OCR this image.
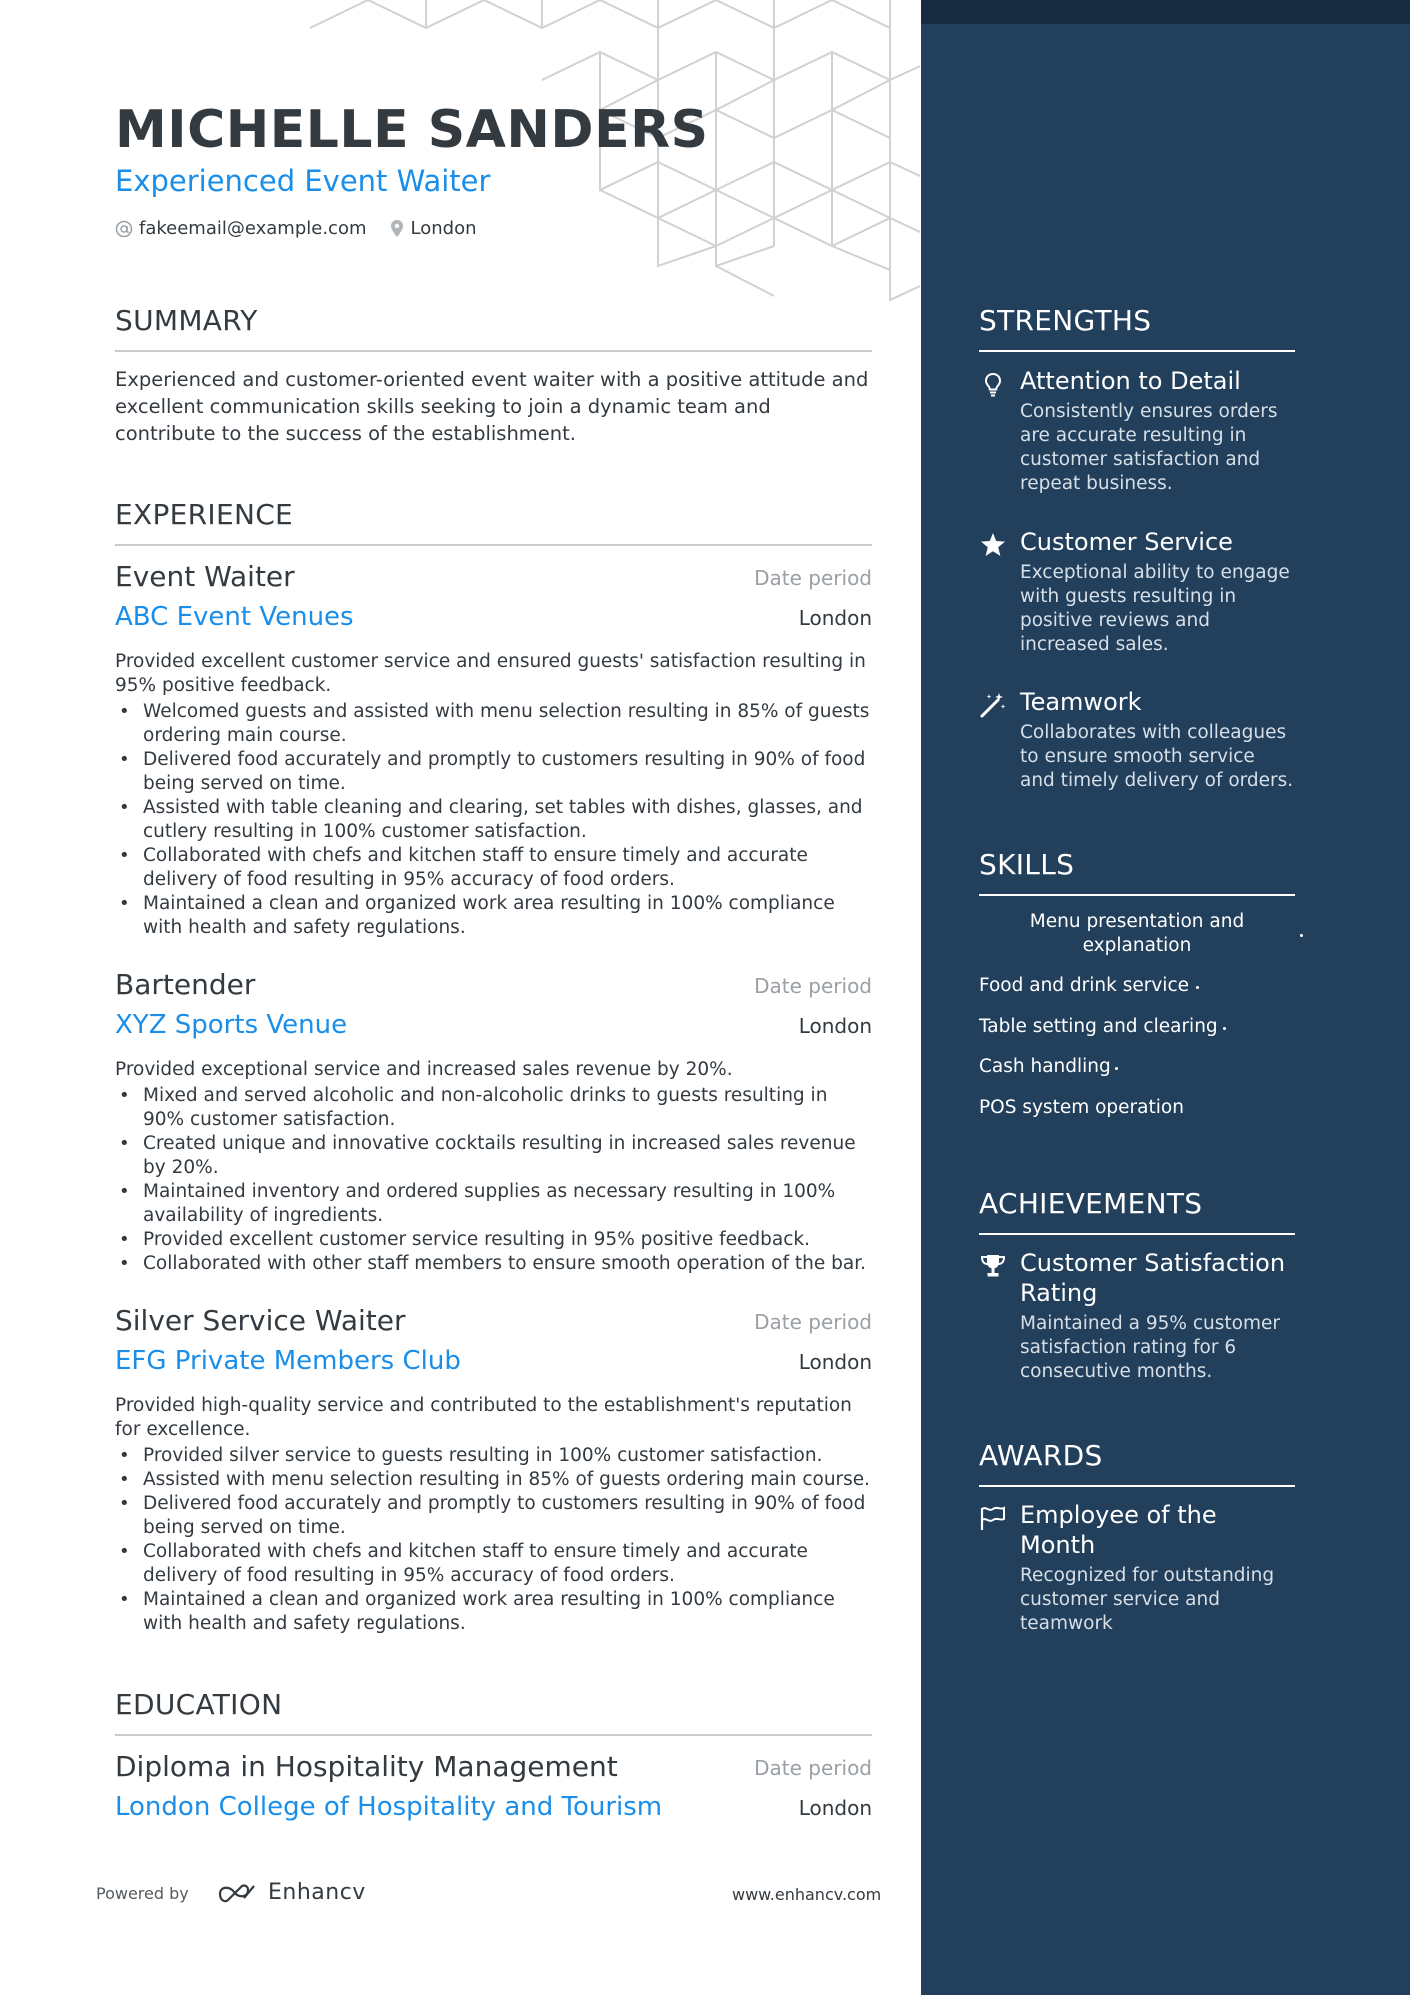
MICHELLE SANDERS
Experienced Event Waiter
fakeemail@example.com London
SUMMARY
Experienced and customer-oriented event waiter with a positive attitude and excellent communication skills seeking to join a dynamic team and contribute to the success of the establishment.
EXPERIENCE
Event Waiter	Date period
ABC Event Venues	London
Provided excellent customer service and ensured guests' satisfaction resulting in 95% positive feedback.
• Welcomed guests and assisted with menu selection resulting in 85% of guests ordering main course.
• Delivered food accurately and promptly to customers resulting in 90% of food being served on time.
• Assisted with table cleaning and clearing, set tables with dishes, glasses, and cutlery resulting in 100% customer satisfaction.
• Collaborated with chefs and kitchen staff to ensure timely and accurate delivery of food resulting in 95% accuracy of food orders.
• Maintained a clean and organized work area resulting in 100% compliance with health and safety regulations.
Bartender	Date period
XYZ Sports Venue	London
Provided exceptional service and increased sales revenue by 20%.
• Mixed and served alcoholic and non-alcoholic drinks to guests resulting in 90% customer satisfaction.
• Created unique and innovative cocktails resulting in increased sales revenue by 20%.
• Maintained inventory and ordered supplies as necessary resulting in 100% availability of ingredients.
• Provided excellent customer service resulting in 95% positive feedback.
• Collaborated with other staff members to ensure smooth operation of the bar.
Silver Service Waiter	Date period
EFG Private Members Club	London
Provided high-quality service and contributed to the establishment's reputation for excellence.
• Provided silver service to guests resulting in 100% customer satisfaction.
• Assisted with menu selection resulting in 85% of guests ordering main course.
• Delivered food accurately and promptly to customers resulting in 90% of food being served on time.
• Collaborated with chefs and kitchen staff to ensure timely and accurate delivery of food resulting in 95% accuracy of food orders.
• Maintained a clean and organized work area resulting in 100% compliance with health and safety regulations.
EDUCATION
Diploma in Hospitality Management	Date period
London College of Hospitality and Tourism	London
STRENGTHS
Attention to Detail
Consistently ensures orders are accurate resulting in customer satisfaction and repeat business.
Customer Service
Exceptional ability to engage with guests resulting in positive reviews and increased sales.
Teamwork
Collaborates with colleagues to ensure smooth service and timely delivery of orders.
SKILLS
Menu presentation and explanation
Food and drink service
Table setting and clearing
Cash handling
POS system operation
ACHIEVEMENTS
Customer Satisfaction Rating
Maintained a 95% customer satisfaction rating for 6 consecutive months.
AWARDS
Employee of the Month
Recognized for outstanding customer service and teamwork
Powered by	Enhancv	www.enhancv.com
